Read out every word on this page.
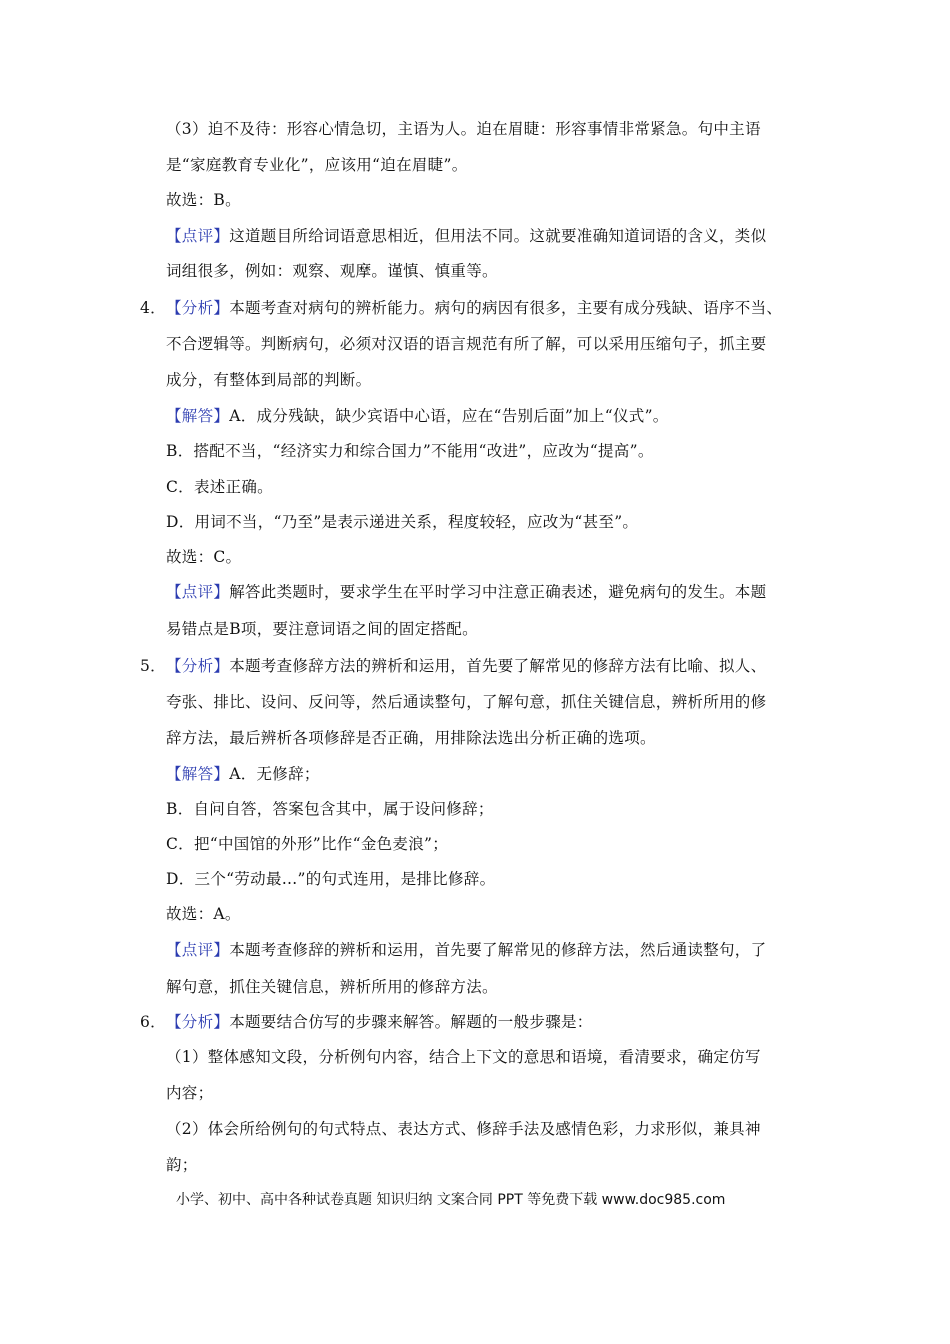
（3）迫不及待：形容心情急切，主语为人。迫在眉睫：形容事情非常紧急。句中主语
是“家庭教育专业化”，应该用“迫在眉睫”。
故选：B。
【点评】这道题目所给词语意思相近，但用法不同。这就要准确知道词语的含义，类似
词组很多，例如：观察、观摩。谨慎、慎重等。
4． 【分析】本题考查对病句的辨析能力。病句的病因有很多，主要有成分残缺、语序不当、
不合逻辑等。判断病句，必须对汉语的语言规范有所了解，可以采用压缩句子，抓主要
成分，有整体到局部的判断。
【解答】A．成分残缺，缺少宾语中心语，应在“告别后面”加上“仪式”。
B．搭配不当，“经济实力和综合国力”不能用“改进”，应改为“提高”。
C．表述正确。
D．用词不当，“乃至”是表示递进关系，程度较轻，应改为“甚至”。
故选：C。
【点评】解答此类题时，要求学生在平时学习中注意正确表述，避免病句的发生。本题
易错点是B项，要注意词语之间的固定搭配。
5． 【分析】本题考查修辞方法的辨析和运用，首先要了解常见的修辞方法有比喻、拟人、
夸张、排比、设问、反问等，然后通读整句，了解句意，抓住关键信息，辨析所用的修
辞方法，最后辨析各项修辞是否正确，用排除法选出分析正确的选项。
【解答】A．无修辞；
B．自问自答，答案包含其中，属于设问修辞；
C．把“中国馆的外形”比作“金色麦浪”；
D．三个“劳动最…”的句式连用，是排比修辞。
故选：A。
【点评】本题考查修辞的辨析和运用，首先要了解常见的修辞方法，然后通读整句，了
解句意，抓住关键信息，辨析所用的修辞方法。
6． 【分析】本题要结合仿写的步骤来解答。解题的一般步骤是：
（1）整体感知文段，分析例句内容，结合上下文的意思和语境，看清要求，确定仿写
内容；
（2）体会所给例句的句式特点、表达方式、修辞手法及感情色彩，力求形似，兼具神
韵；
小学、初中、高中各种试卷真题 知识归纳 文案合同 PPT 等免费下载 www.doc985.com
